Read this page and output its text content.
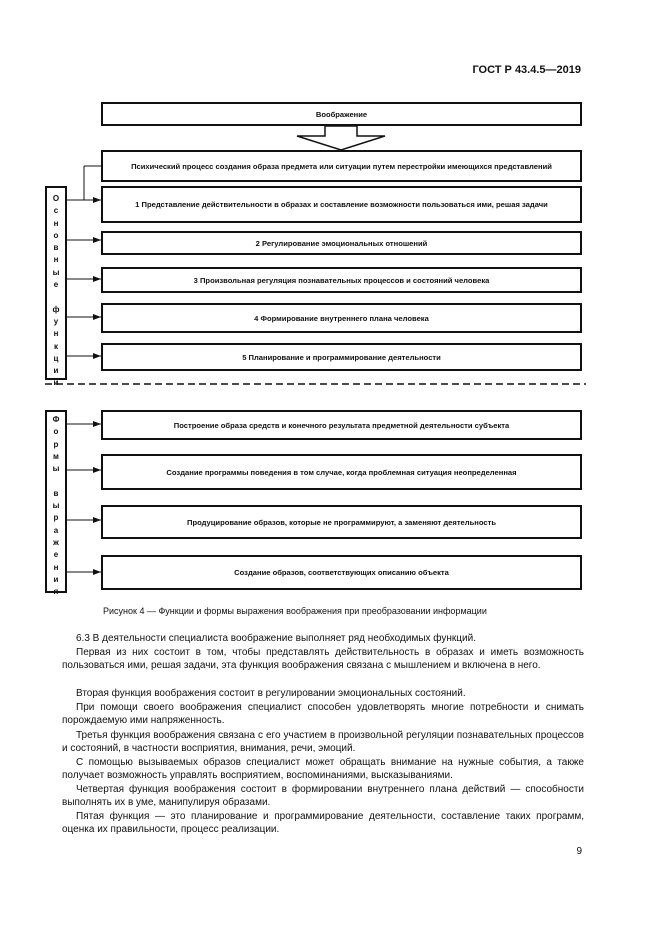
ГОСТ Р 43.4.5—2019
Воображение
Психический процесс создания образа предмета или ситуации путем перестройки имеющихся представлений
О
с
н
о
в
н
ы
е

ф
у
н
к
ц
и
и
1 Представление действительности в образах и составление возможности пользоваться ими, решая задачи
2 Регулирование эмоциональных отношений
3 Произвольная регуляция познавательных процессов и состояний человека
4 Формирование внутреннего плана человека
5 Планирование и программирование деятельности
Ф
о
р
м
ы

в
ы
р
а
ж
е
н
и
я
Построение образа средств и конечного результата предметной деятельности субъекта
Создание программы поведения в том случае, когда проблемная ситуация неопределенная
Продуцирование образов, которые не программируют, а заменяют деятельность
Создание образов, соответствующих описанию объекта
Рисунок 4 — Функции и формы выражения воображения при преобразовании информации
6.3 В деятельности специалиста воображение выполняет ряд необходимых функций.
Первая из них состоит в том, чтобы представлять действительность в образах и иметь возможность пользоваться ими, решая задачи, эта функция воображения связана с мышлением и включена в него.
Вторая функция воображения состоит в регулировании эмоциональных состояний.
При помощи своего воображения специалист способен удовлетворять многие потребности и снимать порождаемую ими напряженность.
Третья функция воображения связана с его участием в произвольной регуляции познавательных процессов и состояний, в частности восприятия, внимания, речи, эмоций.
С помощью вызываемых образов специалист может обращать внимание на нужные события, а также получает возможность управлять восприятием, воспоминаниями, высказываниями.
Четвертая функция воображения состоит в формировании внутреннего плана действий — способности выполнять их в уме, манипулируя образами.
Пятая функция — это планирование и программирование деятельности, составление таких программ, оценка их правильности, процесс реализации.
9
